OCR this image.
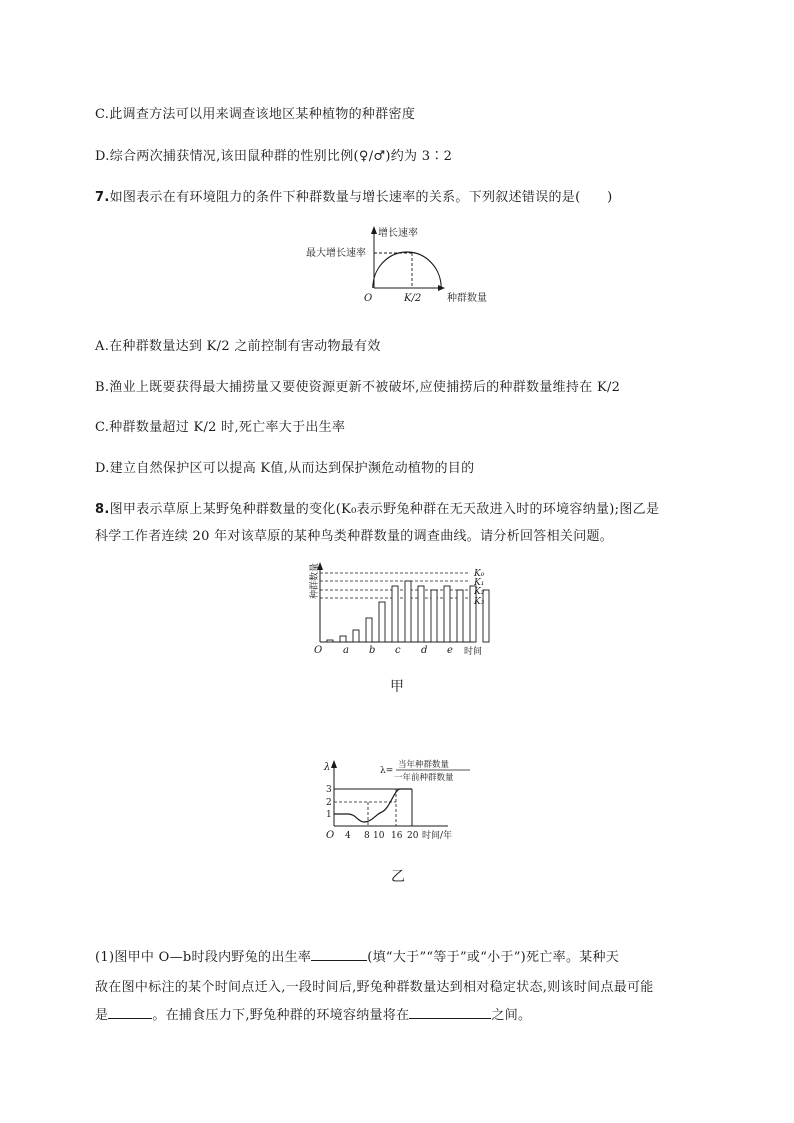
C.此调查方法可以用来调查该地区某种植物的种群密度
D.综合两次捕获情况,该田鼠种群的性别比例(♀/♂)约为 3∶2
7.如图表示在有环境阻力的条件下种群数量与增长速率的关系。下列叙述错误的是(　　)
增长速率
最大增长速率
O	K/2	种群数量
A.在种群数量达到 K/2 之前控制有害动物最有效
B.渔业上既要获得最大捕捞量又要使资源更新不被破坏,应使捕捞后的种群数量维持在 K/2
C.种群数量超过 K/2 时,死亡率大于出生率
D.建立自然保护区可以提高 K值,从而达到保护濒危动植物的目的
8.图甲表示草原上某野兔种群数量的变化(K₀表示野兔种群在无天敌进入时的环境容纳量);图乙是
科学工作者连续 20 年对该草原的某种鸟类种群数量的调查曲线。请分析回答相关问题。
种群数量
O a b c d e 时间
K₀
K₁
K₂
K₃
甲
λ	λ=
当年种群数量
一年前种群数量
3
2
1
O 4 8 10 16 20 时间/年
乙
(1)图甲中 O—b时段内野兔的出生率	(填“大于”“等于”或“小于”)死亡率。某种天
敌在图中标注的某个时间点迁入,一段时间后,野兔种群数量达到相对稳定状态,则该时间点最可能
是	。在捕食压力下,野兔种群的环境容纳量将在	之间。
